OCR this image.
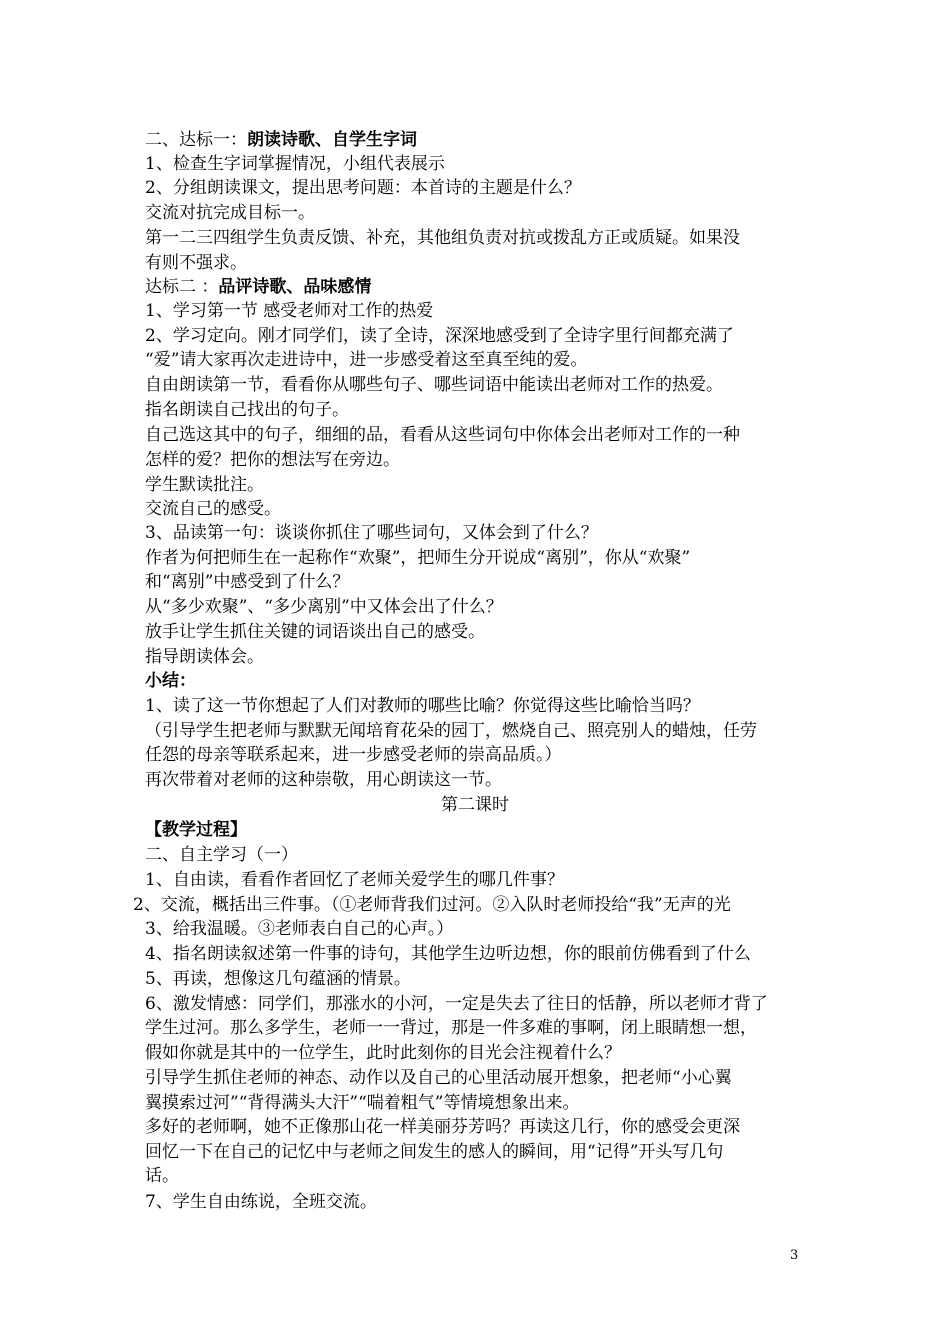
二、达标一：朗读诗歌、自学生字词
1、检查生字词掌握情况，小组代表展示
2、分组朗读课文，提出思考问题：本首诗的主题是什么？
交流对抗完成目标一。
第一二三四组学生负责反馈、补充，其他组负责对抗或拨乱方正或质疑。如果没
有则不强求。
达标二 ：品评诗歌、品味感情
1、学习第一节 感受老师对工作的热爱
2、学习定向。刚才同学们，读了全诗，深深地感受到了全诗字里行间都充满了
“爱”请大家再次走进诗中，进一步感受着这至真至纯的爱。
自由朗读第一节，看看你从哪些句子、哪些词语中能读出老师对工作的热爱。
指名朗读自己找出的句子。
自己选这其中的句子，细细的品，看看从这些词句中你体会出老师对工作的一种
怎样的爱？把你的想法写在旁边。
学生默读批注。
交流自己的感受。
3、品读第一句：谈谈你抓住了哪些词句，又体会到了什么？
作者为何把师生在一起称作“欢聚”，把师生分开说成“离别”，你从“欢聚”
和“离别”中感受到了什么？
从“多少欢聚”、“多少离别”中又体会出了什么？
放手让学生抓住关键的词语谈出自己的感受。
指导朗读体会。
小结：
1、读了这一节你想起了人们对教师的哪些比喻？你觉得这些比喻恰当吗？
（引导学生把老师与默默无闻培育花朵的园丁，燃烧自己、照亮别人的蜡烛，任劳
任怨的母亲等联系起来，进一步感受老师的崇高品质。）
再次带着对老师的这种崇敬，用心朗读这一节。
第二课时
【教学过程】
二、自主学习（一）
1、自由读，看看作者回忆了老师关爱学生的哪几件事？
2、交流，概括出三件事。（①老师背我们过河。②入队时老师投给“我”无声的光
3、给我温暖。③老师表白自己的心声。）
4、指名朗读叙述第一件事的诗句，其他学生边听边想，你的眼前仿佛看到了什么
5、再读，想像这几句蕴涵的情景。
6、激发情感：同学们，那涨水的小河，一定是失去了往日的恬静，所以老师才背了
学生过河。那么多学生，老师一一背过，那是一件多难的事啊，闭上眼睛想一想，
假如你就是其中的一位学生，此时此刻你的目光会注视着什么？
引导学生抓住老师的神态、动作以及自己的心里活动展开想象，把老师“小心翼
翼摸索过河”“背得满头大汗”“喘着粗气”等情境想象出来。
多好的老师啊，她不正像那山花一样美丽芬芳吗？再读这几行，你的感受会更深
回忆一下在自己的记忆中与老师之间发生的感人的瞬间，用“记得”开头写几句
话。
7、学生自由练说，全班交流。
3
